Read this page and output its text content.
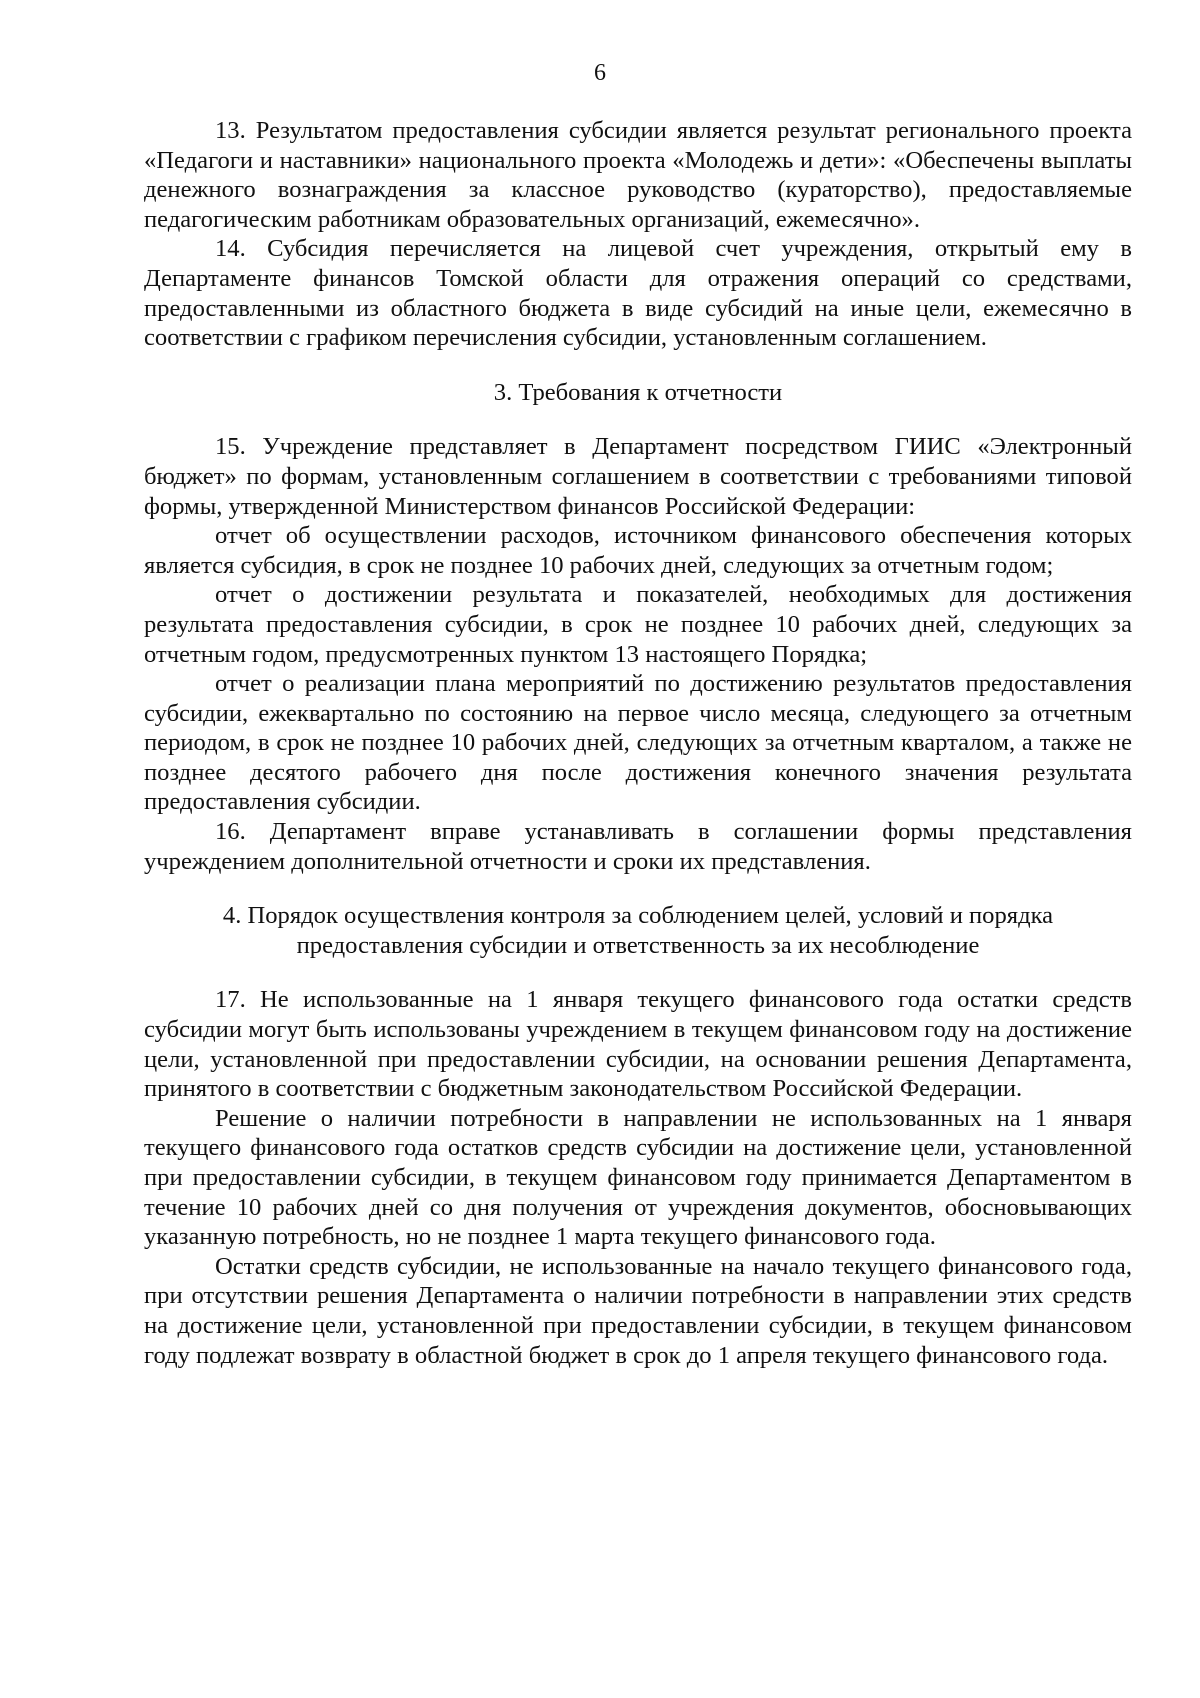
6

13. Результатом предоставления субсидии является результат регионального проекта «Педагоги и наставники» национального проекта «Молодежь и дети»: «Обеспечены выплаты денежного вознаграждения за классное руководство (кураторство), предоставляемые педагогическим работникам образовательных организаций, ежемесячно».

14. Субсидия перечисляется на лицевой счет учреждения, открытый ему в Департаменте финансов Томской области для отражения операций со средствами, предоставленными из областного бюджета в виде субсидий на иные цели, ежемесячно в соответствии с графиком перечисления субсидии, установленным соглашением.

3. Требования к отчетности

15. Учреждение представляет в Департамент посредством ГИИС «Электронный бюджет» по формам, установленным соглашением в соответствии с требованиями типовой формы, утвержденной Министерством финансов Российской Федерации:

отчет об осуществлении расходов, источником финансового обеспечения которых является субсидия, в срок не позднее 10 рабочих дней, следующих за отчетным годом;

отчет о достижении результата и показателей, необходимых для достижения результата предоставления субсидии, в срок не позднее 10 рабочих дней, следующих за отчетным годом, предусмотренных пунктом 13 настоящего Порядка;

отчет о реализации плана мероприятий по достижению результатов предоставления субсидии, ежеквартально по состоянию на первое число месяца, следующего за отчетным периодом, в срок не позднее 10 рабочих дней, следующих за отчетным кварталом, а также не позднее десятого рабочего дня после достижения конечного значения результата предоставления субсидии.

16. Департамент вправе устанавливать в соглашении формы представления учреждением дополнительной отчетности и сроки их представления.

4. Порядок осуществления контроля за соблюдением целей, условий и порядка

предоставления субсидии и ответственность за их несоблюдение

17. Не использованные на 1 января текущего финансового года остатки средств субсидии могут быть использованы учреждением в текущем финансовом году на достижение цели, установленной при предоставлении субсидии, на основании решения Департамента, принятого в соответствии с бюджетным законодательством Российской Федерации.

Решение о наличии потребности в направлении не использованных на 1 января текущего финансового года остатков средств субсидии на достижение цели, установленной при предоставлении субсидии, в текущем финансовом году принимается Департаментом в течение 10 рабочих дней со дня получения от учреждения документов, обосновывающих указанную потребность, но не позднее 1 марта текущего финансового года.

Остатки средств субсидии, не использованные на начало текущего финансового года, при отсутствии решения Департамента о наличии потребности в направлении этих средств на достижение цели, установленной при предоставлении субсидии, в текущем финансовом году подлежат возврату в областной бюджет в срок до 1 апреля текущего финансового года.
